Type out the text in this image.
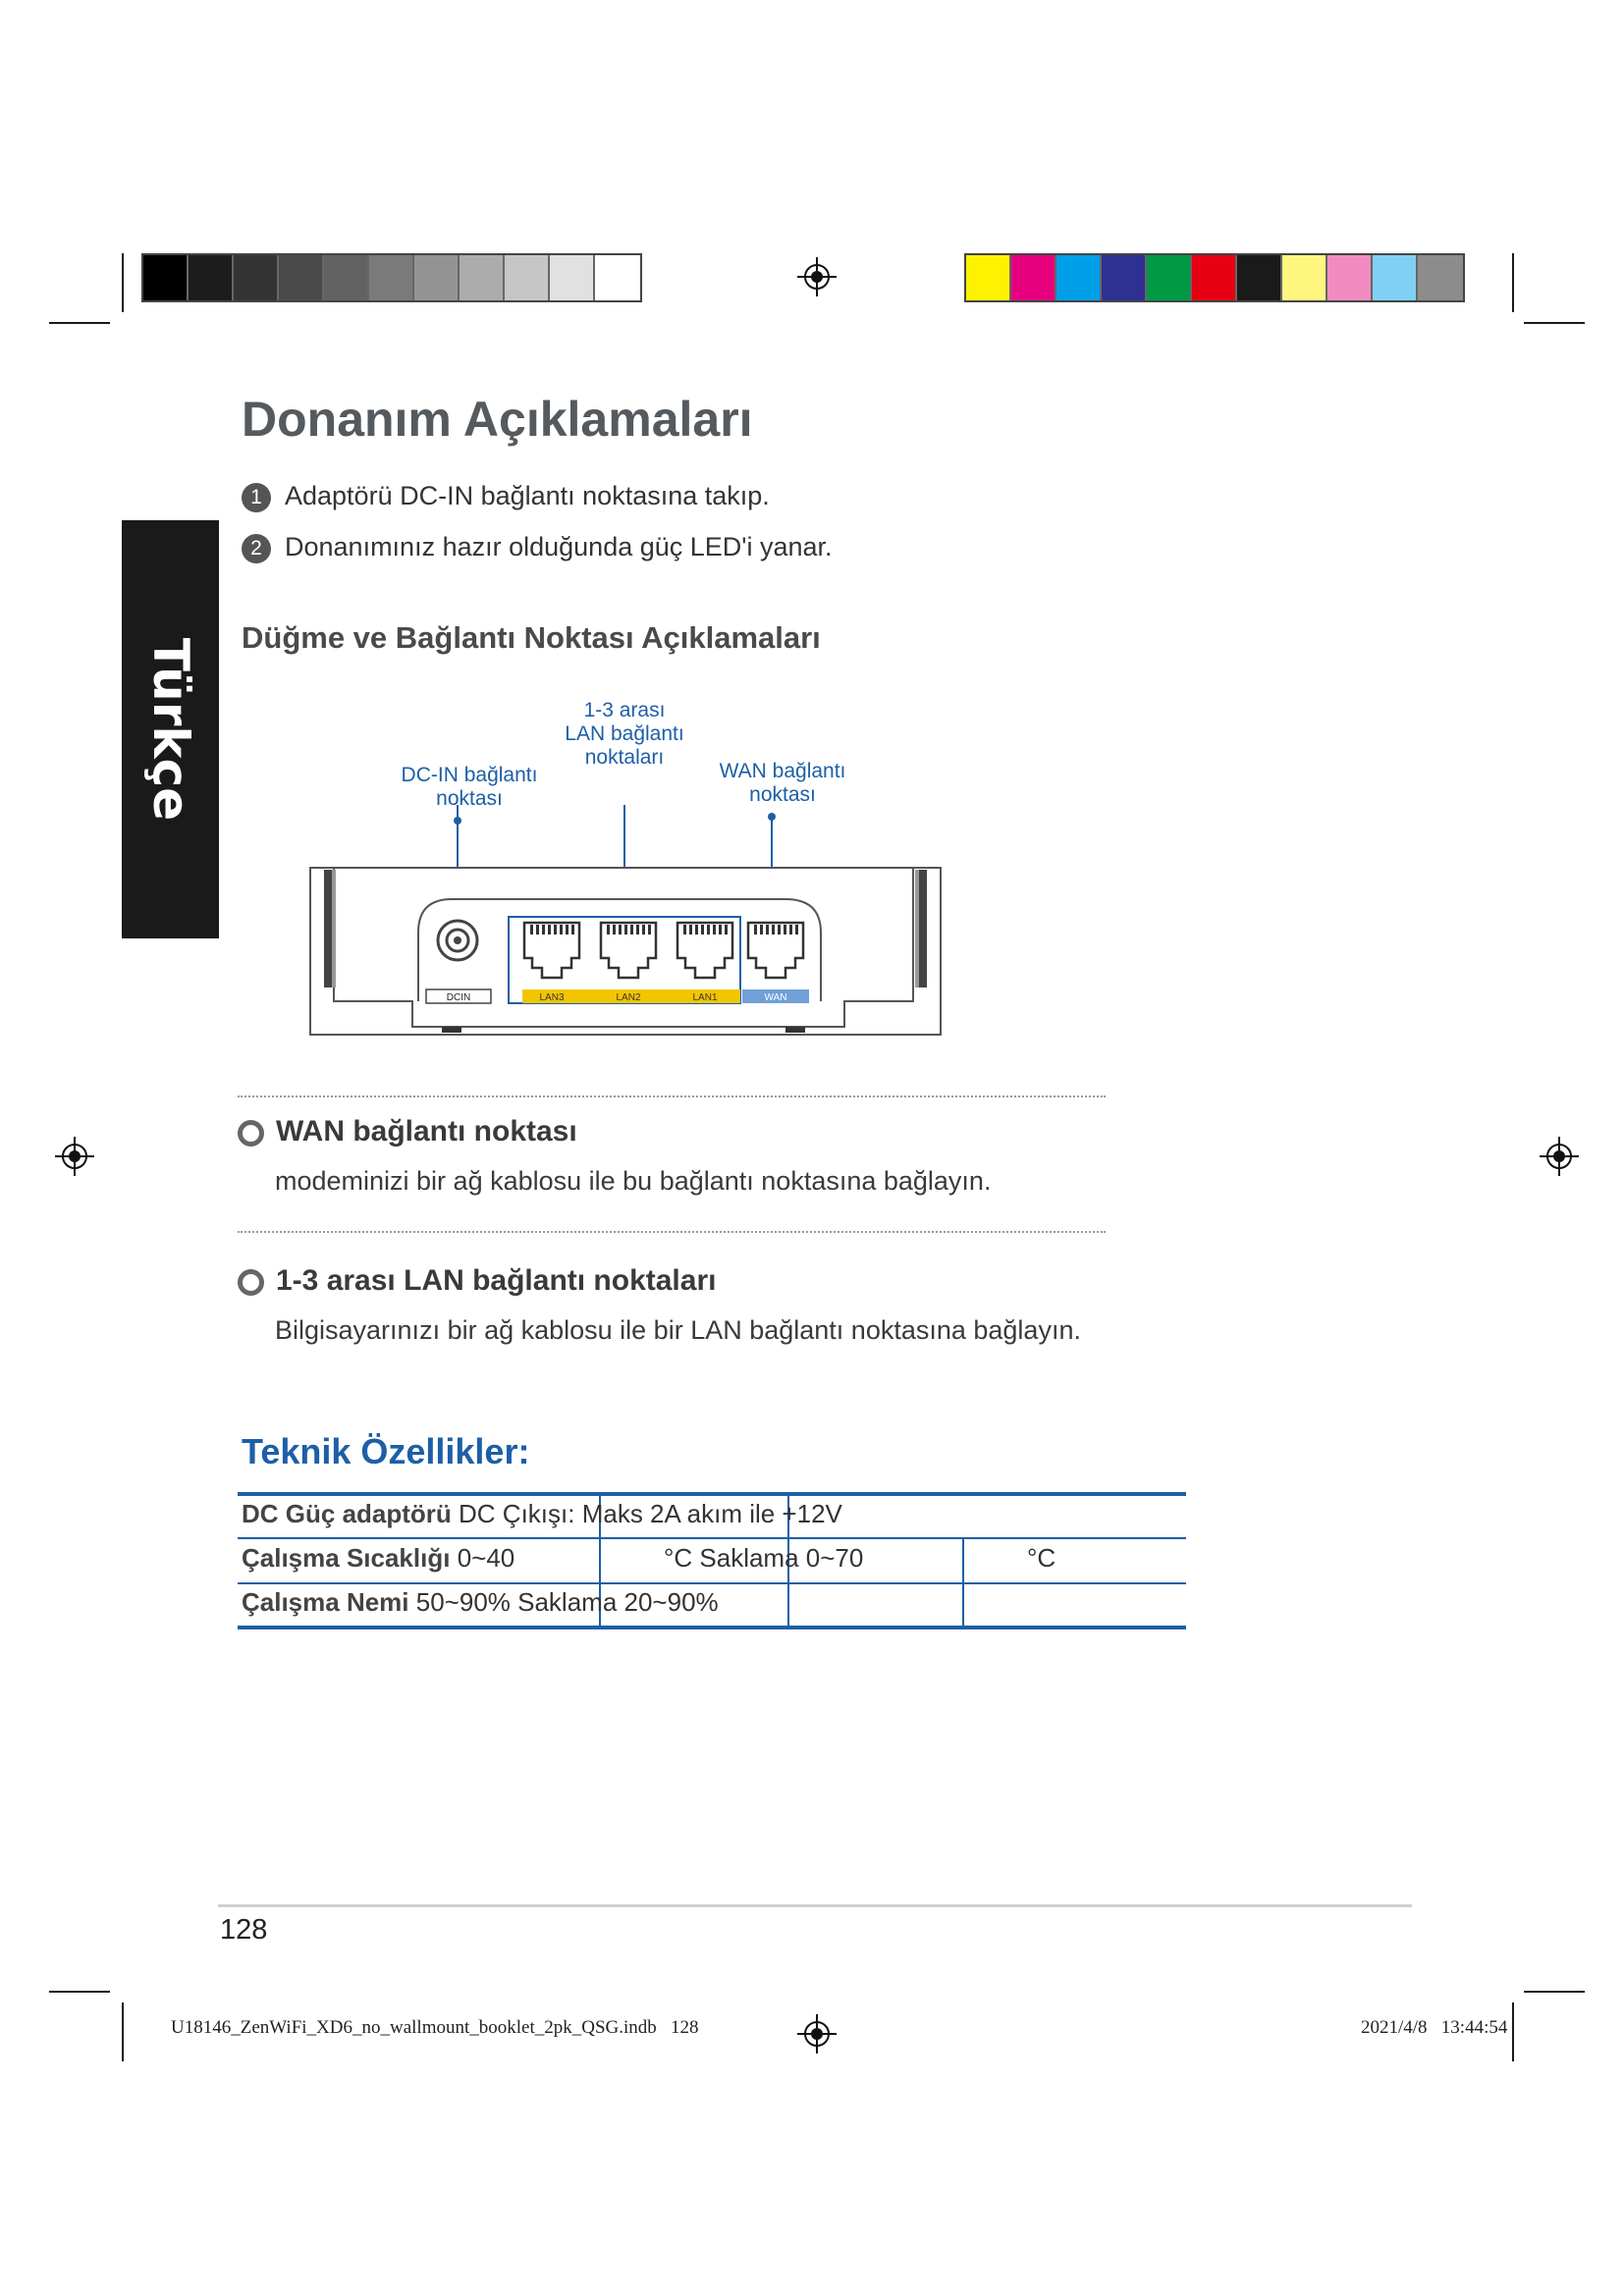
Türkçe
Donanım Açıklamaları
1 Adaptörü DC-IN bağlantı noktasına takıp.
2 Donanımınız hazır olduğunda güç LED'i yanar.
Düğme ve Bağlantı Noktası Açıklamaları
DC-IN bağlantı
noktası
1-3 arası
LAN bağlantı
noktaları
WAN bağlantı
noktası
DCIN	LAN3	LAN2	LAN1	WAN
WAN bağlantı noktası
modeminizi bir ağ kablosu ile bu bağlantı noktasına bağlayın.
1-3 arası LAN bağlantı noktaları
Bilgisayarınızı bir ağ kablosu ile bir LAN bağlantı noktasına bağlayın.
Teknik Özellikler:
DC Güç adaptörü DC Çıkışı: Maks 2A akım ile +12V
Çalışma Sıcaklığı 0~40	°C Saklama 0~70	°C
Çalışma Nemi 50~90% Saklama 20~90%
128
U18146_ZenWiFi_XD6_no_wallmount_booklet_2pk_QSG.indb   128	2021/4/8   13:44:54
